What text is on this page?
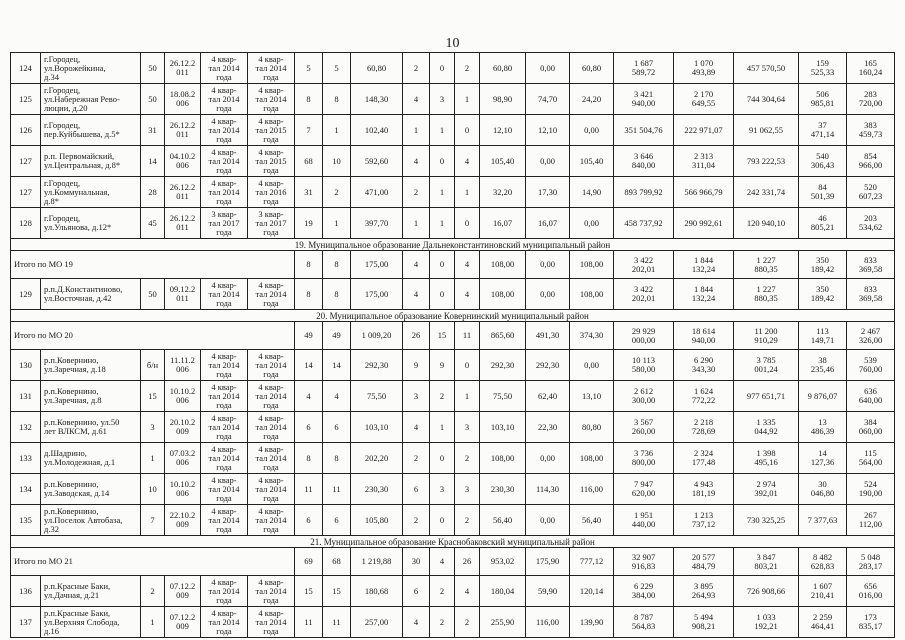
10
124	г.Городец,
ул.Ворожейкина,
д.34	50	26.12.2
011	4 квар-
тал 2014
года	4 квар-
тал 2014
года	5	5	60,80	2	0	2	60,80	0,00	60,80	1 687
589,72	1 070
493,89	457 570,50	159
525,33	165
160,24
125	г.Городец,
ул.Набережная Рево-
люции, д.20	50	18.08.2
006	4 квар-
тал 2014
года	4 квар-
тал 2014
года	8	8	148,30	4	3	1	98,90	74,70	24,20	3 421
940,00	2 170
649,55	744 304,64	506
985,81	283
720,00
126	г.Городец,
пер.Куйбышева, д.5*	31	26.12.2
011	4 квар-
тал 2014
года	4 квар-
тал 2015
года	7	1	102,40	1	1	0	12,10	12,10	0,00	351 504,76	222 971,07	91 062,55	37
471,14	383
459,73
127	р.п. Первомайский,
ул.Центральная, д.8*	14	04.10.2
006	4 квар-
тал 2014
года	4 квар-
тал 2015
года	68	10	592,60	4	0	4	105,40	0,00	105,40	3 646
840,00	2 313
311,04	793 222,53	540
306,43	854
966,00
127	г.Городец,
ул.Коммунальная,
д.8*	28	26.12.2
011	4 квар-
тал 2014
года	4 квар-
тал 2016
года	31	2	471,00	2	1	1	32,20	17,30	14,90	893 799,92	566 966,79	242 331,74	84
501,39	520
607,23
128	г.Городец,
ул.Ульянова, д.12*	45	26.12.2
011	3 квар-
тал 2017
года	3 квар-
тал 2017
года	19	1	397,70	1	1	0	16,07	16,07	0,00	458 737,92	290 992,61	120 940,10	46
805,21	203
534,62
19. Муниципальное образование Дальнеконстантиновский муниципальный район																			
Итого по МО 19						8	8	175,00	4	0	4	108,00	0,00	108,00	3 422
202,01	1 844
132,24	1 227
880,35	350
189,42	833
369,58
129	р.п.Д.Константиново,
ул.Восточная, д.42	50	09.12.2
011	4 квар-
тал 2014
года	4 квар-
тал 2014
года	8	8	175,00	4	0	4	108,00	0,00	108,00	3 422
202,01	1 844
132,24	1 227
880,35	350
189,42	833
369,58
20. Муниципальное образование Ковернинский муниципальный район																			
Итого по МО 20						49	49	1 009,20	26	15	11	865,60	491,30	374,30	29 929
000,00	18 614
940,00	11 200
910,29	113
149,71	2 467
326,00
130	р.п.Ковернино,
ул.Заречная, д.18	б/н	11.11.2
006	4 квар-
тал 2014
года	4 квар-
тал 2014
года	14	14	292,30	9	9	0	292,30	292,30	0,00	10 113
580,00	6 290
343,30	3 785
001,24	38
235,46	539
760,00
131	р.п.Ковернино,
ул.Заречная, д.8	15	10.10.2
006	4 квар-
тал 2014
года	4 квар-
тал 2014
года	4	4	75,50	3	2	1	75,50	62,40	13,10	2 612
300,00	1 624
772,22	977 651,71	9 876,07	636
640,00
132	р.п.Ковернино, ул.50
лет ВЛКСМ, д.61	3	20.10.2
009	4 квар-
тал 2014
года	4 квар-
тал 2014
года	6	6	103,10	4	1	3	103,10	22,30	80,80	3 567
260,00	2 218
728,69	1 335
044,92	13
486,39	384
060,00
133	д.Шадрино,
ул.Молодежная, д.1	1	07.03.2
006	4 квар-
тал 2014
года	4 квар-
тал 2014
года	8	8	202,20	2	0	2	108,00	0,00	108,00	3 736
800,00	2 324
177,48	1 398
495,16	14
127,36	115
564,00
134	р.п.Ковернино,
ул.Заводская, д.14	10	10.10.2
006	4 квар-
тал 2014
года	4 квар-
тал 2014
года	11	11	230,30	6	3	3	230,30	114,30	116,00	7 947
620,00	4 943
181,19	2 974
392,01	30
046,80	524
190,00
135	р.п.Ковернино,
ул.Поселок Автобаза,
д.32	7	22.10.2
009	4 квар-
тал 2014
года	4 квар-
тал 2014
года	6	6	105,80	2	0	2	56,40	0,00	56,40	1 951
440,00	1 213
737,12	730 325,25	7 377,63	267
112,00
21. Муниципальное образование Краснобаковский муниципальный район																			
Итого по МО 21						69	68	1 219,88	30	4	26	953,02	175,90	777,12	32 907
916,83	20 577
484,79	3 847
803,21	8 482
628,83	5 048
283,17
136	р.п.Красные Баки,
ул.Дачная, д.21	2	07.12.2
009	4 квар-
тал 2014
года	4 квар-
тал 2014
года	15	15	180,68	6	2	4	180,04	59,90	120,14	6 229
384,00	3 895
264,93	726 908,66	1 607
210,41	656
016,00
137	р.п.Красные Баки,
ул.Верхняя Слобода,
д.16	1	07.12.2
009	4 квар-
тал 2014
года	4 квар-
тал 2014
года	11	11	257,00	4	2	2	255,90	116,00	139,90	8 787
564,83	5 494
908,21	1 033
192,21	2 259
464,41	173
835,17
